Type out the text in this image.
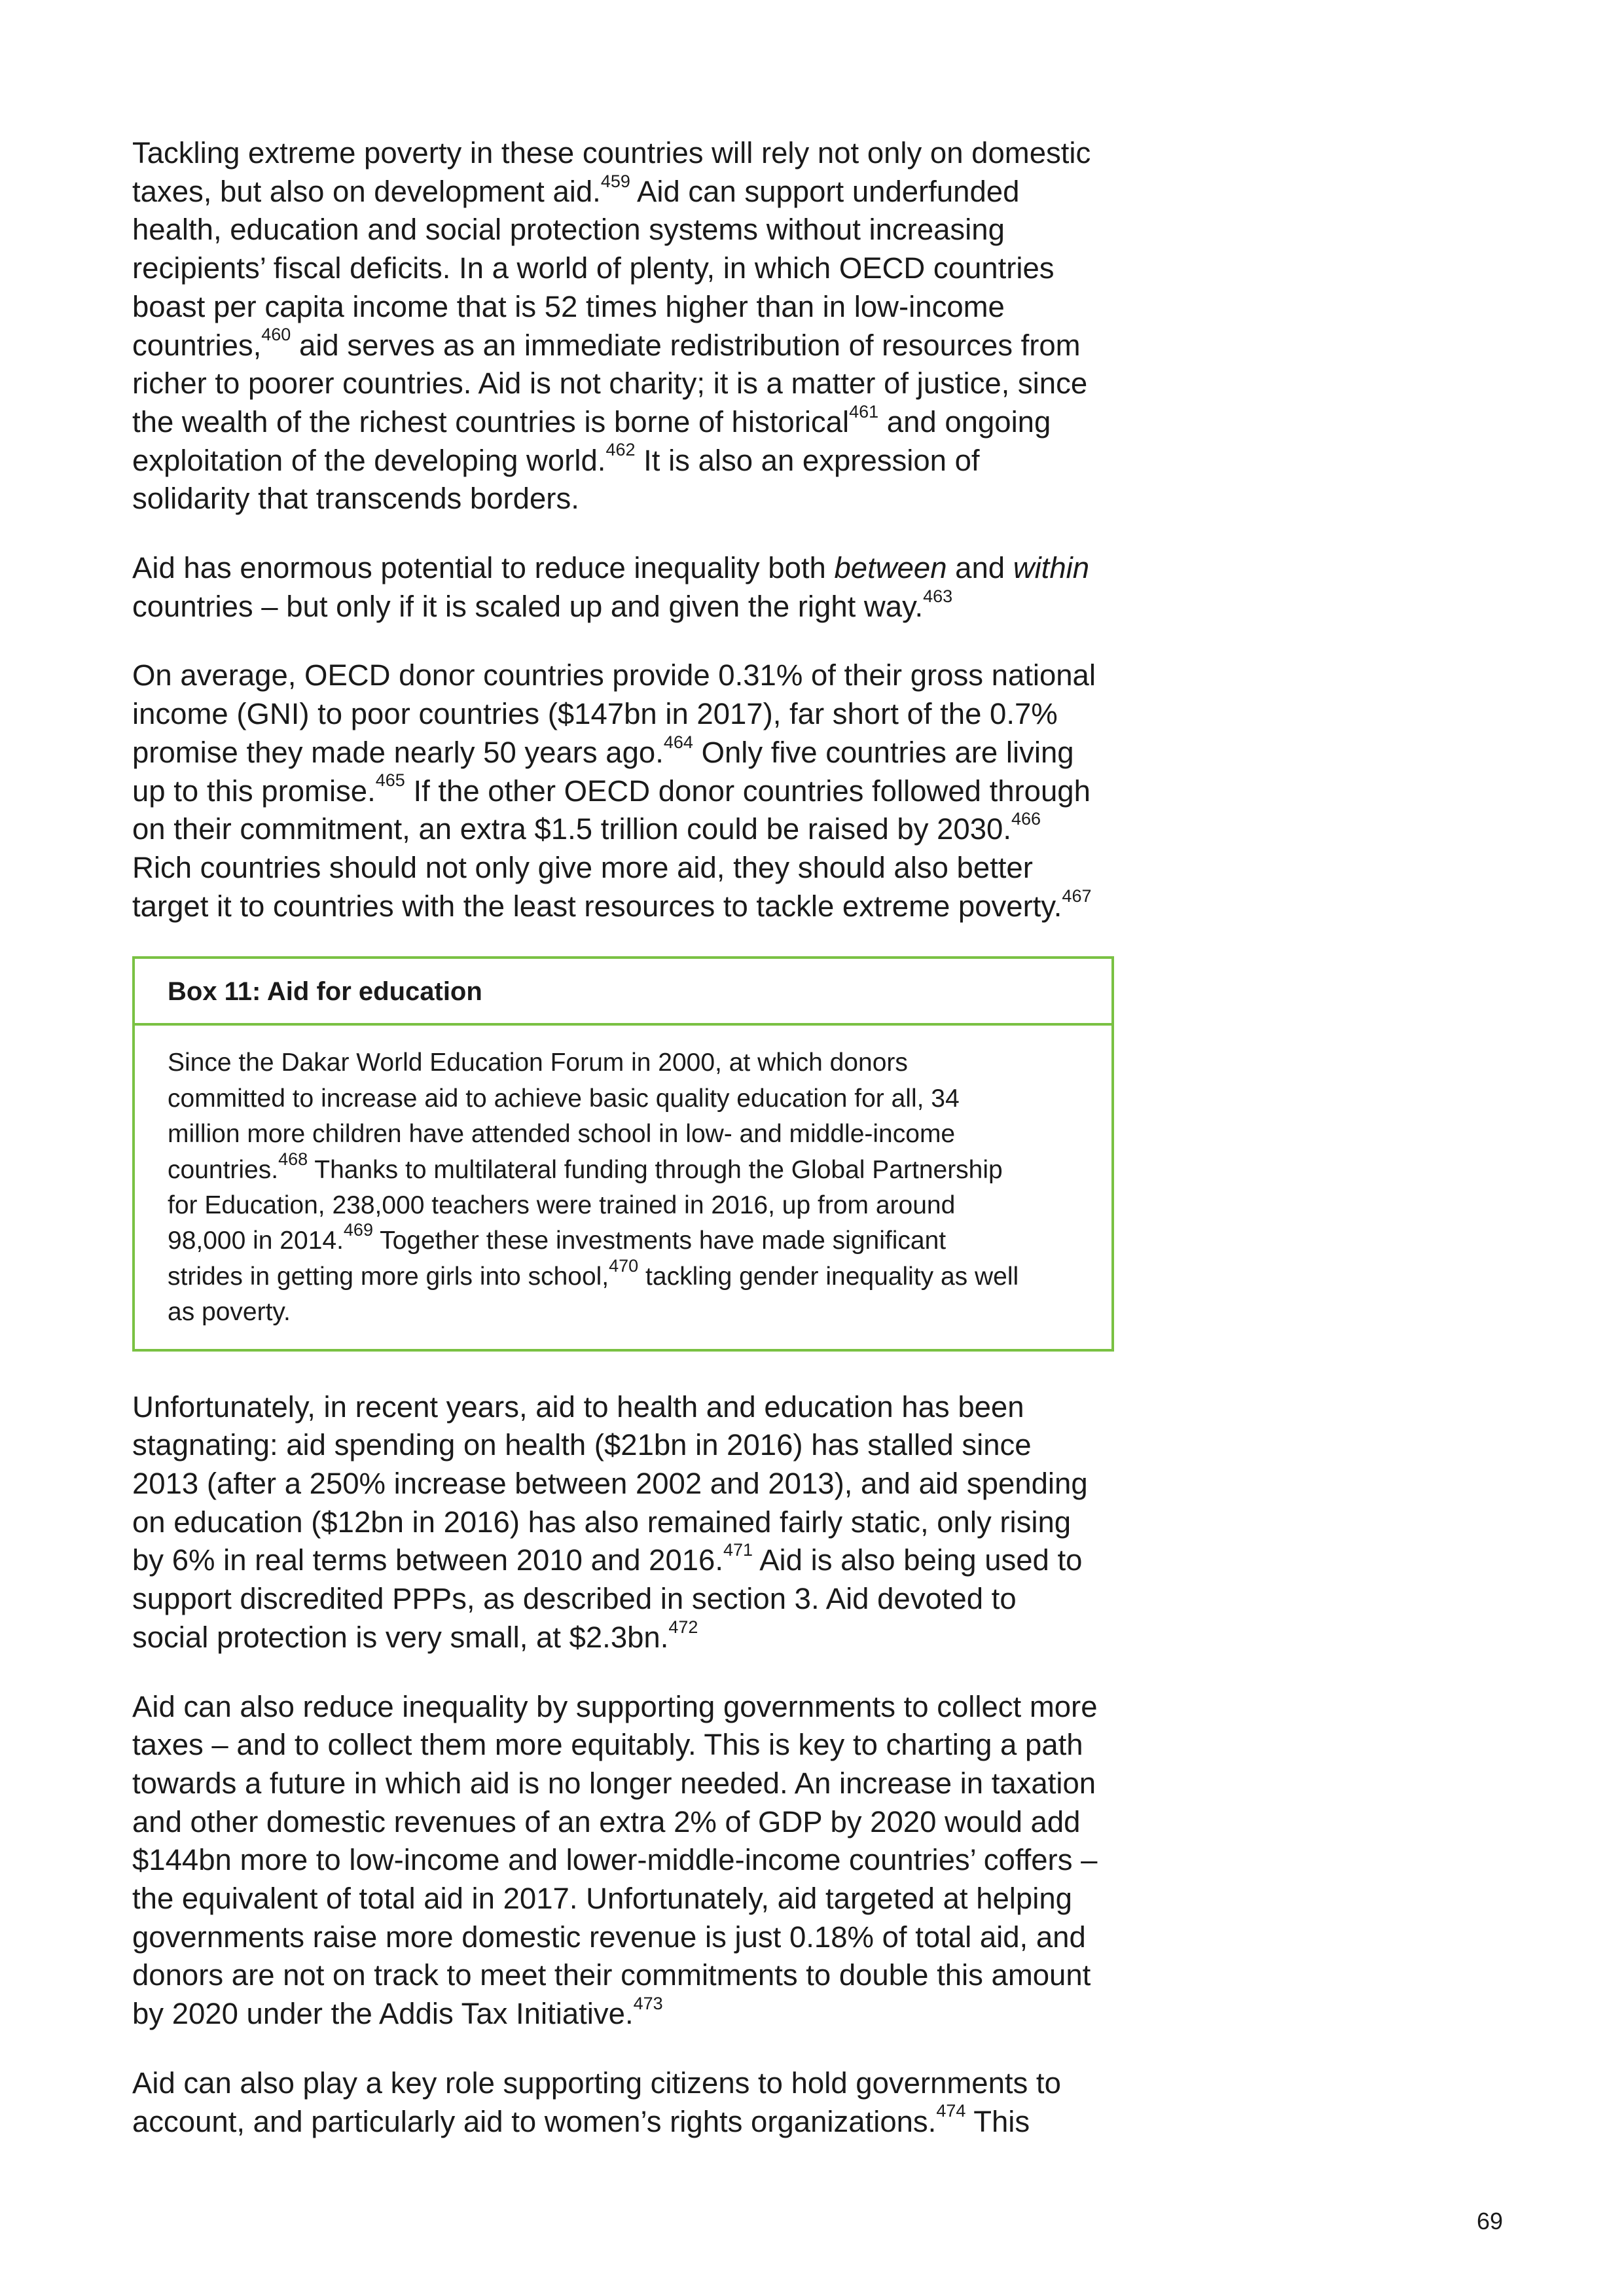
Tackling extreme poverty in these countries will rely not only on domestic
taxes, but also on development aid.$^{459}$ Aid can support underfunded
health, education and social protection systems without increasing
recipients’ fiscal deficits. In a world of plenty, in which OECD countries
boast per capita income that is 52 times higher than in low-income
countries,$^{460}$ aid serves as an immediate redistribution of resources from
richer to poorer countries. Aid is not charity; it is a matter of justice, since
the wealth of the richest countries is borne of historical$^{461}$ and ongoing
exploitation of the developing world.$^{462}$ It is also an expression of
solidarity that transcends borders.

Aid has enormous potential to reduce inequality both between and within
countries – but only if it is scaled up and given the right way.$^{463}$

On average, OECD donor countries provide 0.31% of their gross national
income (GNI) to poor countries ($147bn in 2017), far short of the 0.7%
promise they made nearly 50 years ago.$^{464}$ Only five countries are living
up to this promise.$^{465}$ If the other OECD donor countries followed through
on their commitment, an extra $1.5 trillion could be raised by 2030.$^{466}$
Rich countries should not only give more aid, they should also better
target it to countries with the least resources to tackle extreme poverty.$^{467}$

Box 11: Aid for education
Since the Dakar World Education Forum in 2000, at which donors
committed to increase aid to achieve basic quality education for all, 34
million more children have attended school in low- and middle-income
countries.$^{468}$ Thanks to multilateral funding through the Global Partnership
for Education, 238,000 teachers were trained in 2016, up from around
98,000 in 2014.$^{469}$ Together these investments have made significant
strides in getting more girls into school,$^{470}$ tackling gender inequality as well
as poverty.

Unfortunately, in recent years, aid to health and education has been
stagnating: aid spending on health ($21bn in 2016) has stalled since
2013 (after a 250% increase between 2002 and 2013), and aid spending
on education ($12bn in 2016) has also remained fairly static, only rising
by 6% in real terms between 2010 and 2016.$^{471}$ Aid is also being used to
support discredited PPPs, as described in section 3. Aid devoted to
social protection is very small, at $2.3bn.$^{472}$

Aid can also reduce inequality by supporting governments to collect more
taxes – and to collect them more equitably. This is key to charting a path
towards a future in which aid is no longer needed. An increase in taxation
and other domestic revenues of an extra 2% of GDP by 2020 would add
$144bn more to low-income and lower-middle-income countries’ coffers –
the equivalent of total aid in 2017. Unfortunately, aid targeted at helping
governments raise more domestic revenue is just 0.18% of total aid, and
donors are not on track to meet their commitments to double this amount
by 2020 under the Addis Tax Initiative.$^{473}$

Aid can also play a key role supporting citizens to hold governments to
account, and particularly aid to women’s rights organizations.$^{474}$ This

69
